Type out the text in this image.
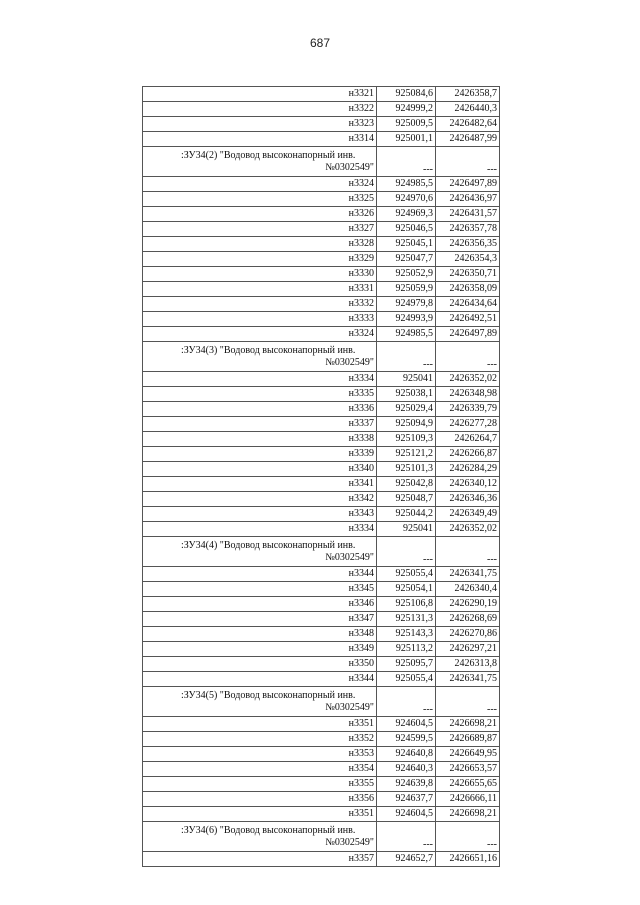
687
н3321	925084,6	2426358,7
н3322	924999,2	2426440,3
н3323	925009,5	2426482,64
н3314	925001,1	2426487,99

:ЗУ34(2) "Водовод высоконапорный инв.
№0302549"	---	---
н3324	924985,5	2426497,89
н3325	924970,6	2426436,97
н3326	924969,3	2426431,57
н3327	925046,5	2426357,78
н3328	925045,1	2426356,35
н3329	925047,7	2426354,3
н3330	925052,9	2426350,71
н3331	925059,9	2426358,09
н3332	924979,8	2426434,64
н3333	924993,9	2426492,51
н3324	924985,5	2426497,89

:ЗУ34(3) "Водовод высоконапорный инв.
№0302549"	---	---
н3334	925041	2426352,02
н3335	925038,1	2426348,98
н3336	925029,4	2426339,79
н3337	925094,9	2426277,28
н3338	925109,3	2426264,7
н3339	925121,2	2426266,87
н3340	925101,3	2426284,29
н3341	925042,8	2426340,12
н3342	925048,7	2426346,36
н3343	925044,2	2426349,49
н3334	925041	2426352,02

:ЗУ34(4) "Водовод высоконапорный инв.
№0302549"	---	---
н3344	925055,4	2426341,75
н3345	925054,1	2426340,4
н3346	925106,8	2426290,19
н3347	925131,3	2426268,69
н3348	925143,3	2426270,86
н3349	925113,2	2426297,21
н3350	925095,7	2426313,8
н3344	925055,4	2426341,75

:ЗУ34(5) "Водовод высоконапорный инв.
№0302549"	---	---
н3351	924604,5	2426698,21
н3352	924599,5	2426689,87
н3353	924640,8	2426649,95
н3354	924640,3	2426653,57
н3355	924639,8	2426655,65
н3356	924637,7	2426666,11
н3351	924604,5	2426698,21

:ЗУ34(6) "Водовод высоконапорный инв.
№0302549"	---	---
н3357	924652,7	2426651,16
